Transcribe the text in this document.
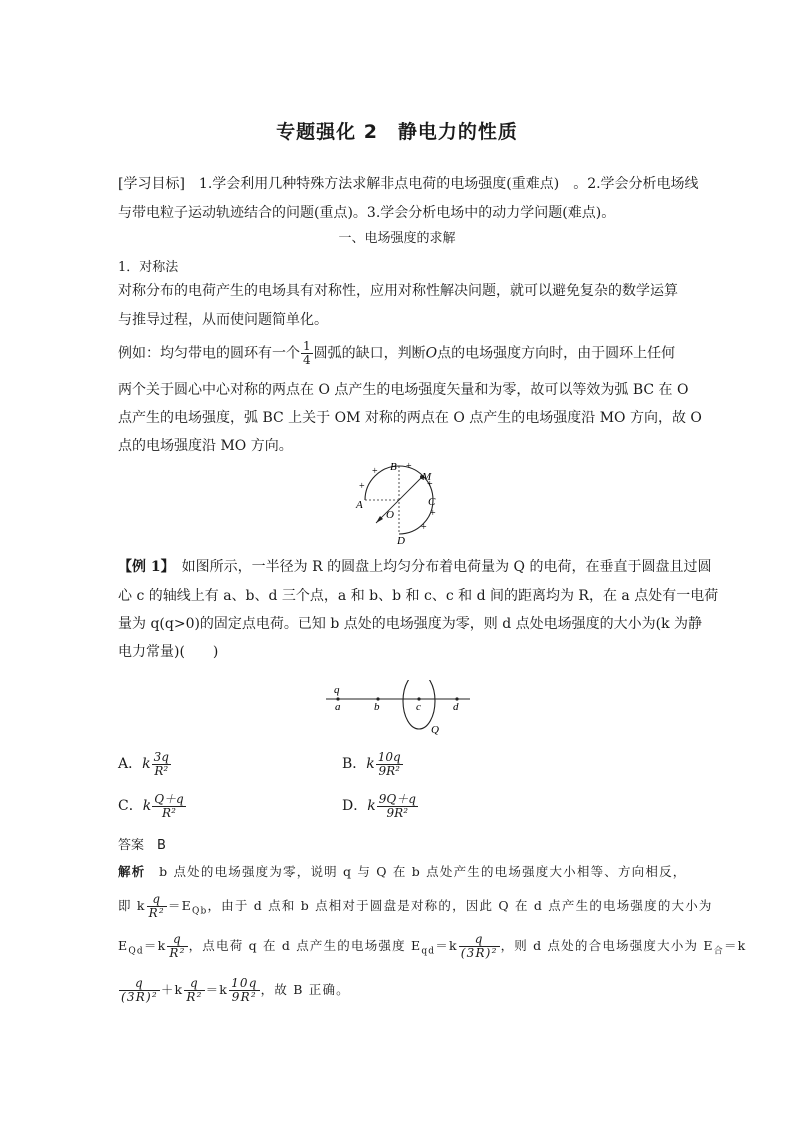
专题强化 2　静电力的性质
[学习目标]　1.学会利用几种特殊方法求解非点电荷的电场强度(重难点)　。2.学会分析电场线
与带电粒子运动轨迹结合的问题(重点)。3.学会分析电场中的动力学问题(难点)。
一、电场强度的求解
1．对称法
对称分布的电荷产生的电场具有对称性，应用对称性解决问题，就可以避免复杂的数学运算
与推导过程，从而使问题简单化。
例如：均匀带电的圆环有一个 $\frac{1}{4}$ 圆弧的缺口，判断O点的电场强度方向时，由于圆环上任何
两个关于圆心中心对称的两点在 O 点产生的电场强度矢量和为零，故可以等效为弧 BC 在 O
点产生的电场强度，弧 BC 上关于 OM 对称的两点在 O 点产生的电场强度沿 MO 方向，故 O
点的电场强度沿 MO 方向。
A
B
M
C
O
D
+
+	+
+
+
+
【例 1】　如图所示，一半径为 R 的圆盘上均匀分布着电荷量为 Q 的电荷，在垂直于圆盘且过圆
心 c 的轴线上有 a、b、d 三个点，a 和 b、b 和 c、c 和 d 间的距离均为 R，在 a 点处有一电荷
量为 q(q>0)的固定点电荷。已知 b 点处的电场强度为零，则 d 点处电场强度的大小为(k 为静
电力常量)(　　)
q
a	b	c	d
Q
A．k $\frac{3q}{\text{R²}}$	B．k $\frac{10q}{\text{9R²}}$
C．k $\frac{Q+q}{\text{R²}}$	D．k $\frac{9Q+q}{\text{9R²}}$
答案　B
解析　b 点处的电场强度为零，说明 q 与 Q 在 b 点处产生的电场强度大小相等、方向相反，
即 k $\frac{q}{\text{R²}} =E_{Qb}$，由于 d 点和 b 点相对于圆盘是对称的，因此 Q 在 d 点产生的电场强度的大小为
$E_{Qd}=k \frac{q}{\text{R²}}$ ，点电荷 q 在 d 点产生的电场强度 $E_{qd}=k \frac{q}{\text{(3R)²}}$ ，则 d 点处的合电场强度大小为 $E_合=k$
$\frac{q}{\text{(3R)²}} +k \frac{q}{\text{R²}} =k \frac{10q}{\text{9R²}}$ ，故 B 正确。
